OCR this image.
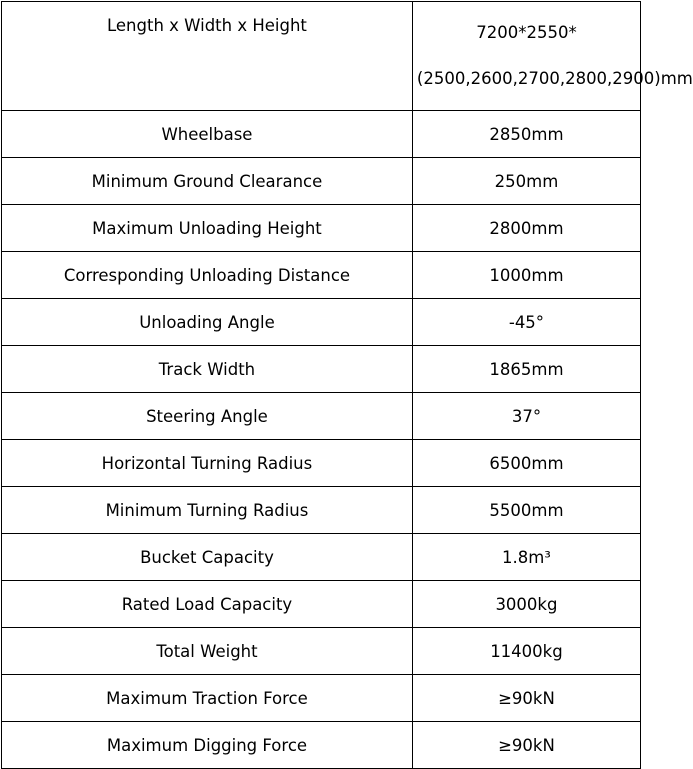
Length x Width x Height	7200*2550*(2500,2600,2700,2800,2900)mm
Wheelbase	2850mm
Minimum Ground Clearance	250mm
Maximum Unloading Height	2800mm
Corresponding Unloading Distance	1000mm
Unloading Angle	-45°
Track Width	1865mm
Steering Angle	37°
Horizontal Turning Radius	6500mm
Minimum Turning Radius	5500mm
Bucket Capacity	1.8m³
Rated Load Capacity	3000kg
Total Weight	11400kg
Maximum Traction Force	≥90kN
Maximum Digging Force	≥90kN
